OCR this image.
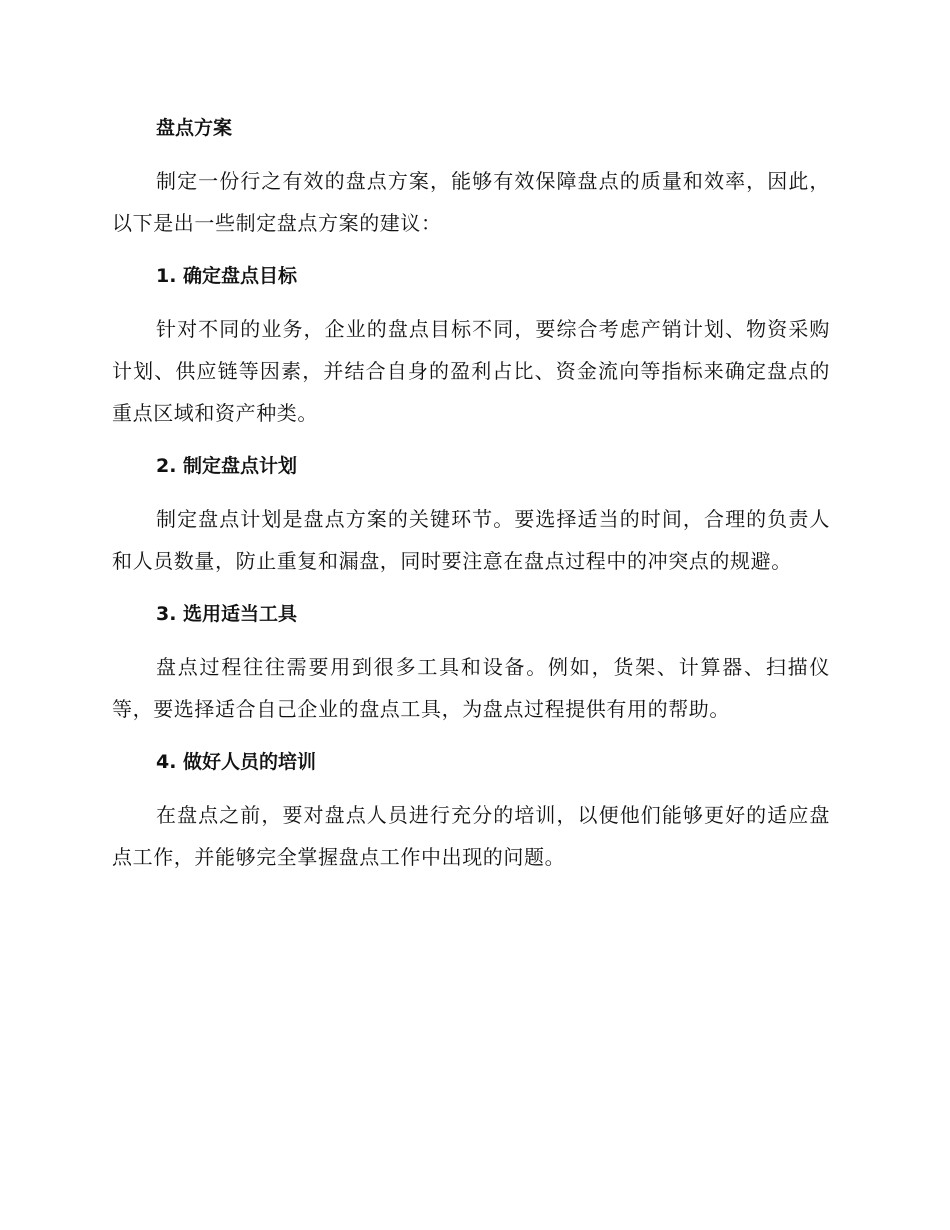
盘点方案

制定一份行之有效的盘点方案，能够有效保障盘点的质量和效率，因此，以下是出一些制定盘点方案的建议：

1. 确定盘点目标

针对不同的业务，企业的盘点目标不同，要综合考虑产销计划、物资采购计划、供应链等因素，并结合自身的盈利占比、资金流向等指标来确定盘点的重点区域和资产种类。

2. 制定盘点计划

制定盘点计划是盘点方案的关键环节。要选择适当的时间，合理的负责人和人员数量，防止重复和漏盘，同时要注意在盘点过程中的冲突点的规避。

3. 选用适当工具

盘点过程往往需要用到很多工具和设备。例如，货架、计算器、扫描仪等，要选择适合自己企业的盘点工具，为盘点过程提供有用的帮助。

4. 做好人员的培训

在盘点之前，要对盘点人员进行充分的培训，以便他们能够更好的适应盘点工作，并能够完全掌握盘点工作中出现的问题。
